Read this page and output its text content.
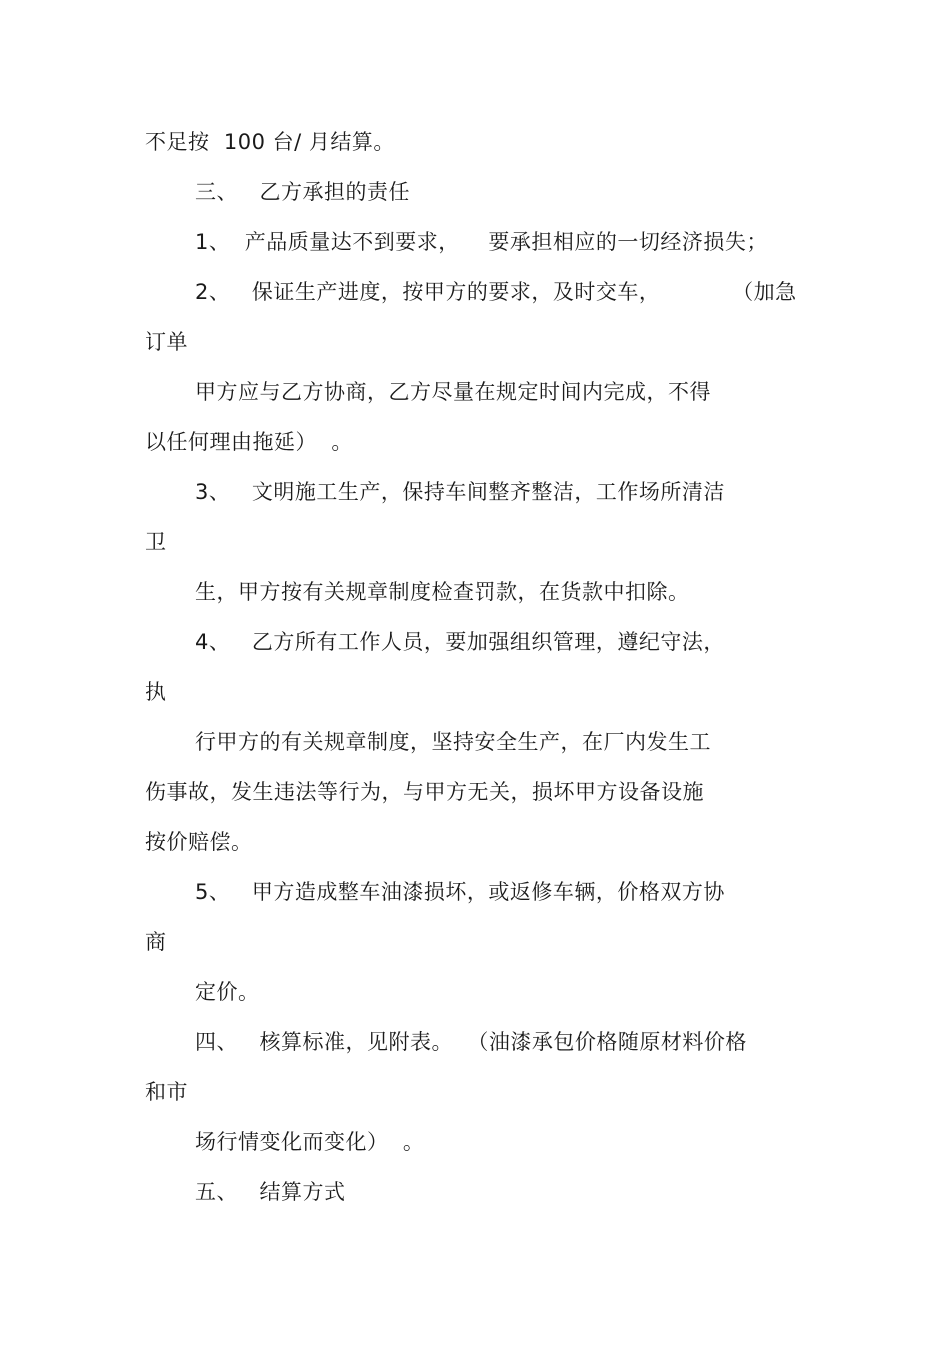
不足按  100 台/ 月结算。
三、   乙方承担的责任
1、  产品质量达不到要求，    要承担相应的一切经济损失；
2、   保证生产进度，按甲方的要求，及时交车，          （加急
订单
甲方应与乙方协商，乙方尽量在规定时间内完成，不得
以任何理由拖延）  。
3、   文明施工生产，保持车间整齐整洁，工作场所清洁
卫
生，甲方按有关规章制度检查罚款，在货款中扣除。
4、   乙方所有工作人员，要加强组织管理，遵纪守法，
执
行甲方的有关规章制度，坚持安全生产，在厂内发生工
伤事故，发生违法等行为，与甲方无关，损坏甲方设备设施
按价赔偿。
5、   甲方造成整车油漆损坏，或返修车辆，价格双方协
商
定价。
四、   核算标准，见附表。  （油漆承包价格随原材料价格
和市
场行情变化而变化）  。
五、   结算方式
